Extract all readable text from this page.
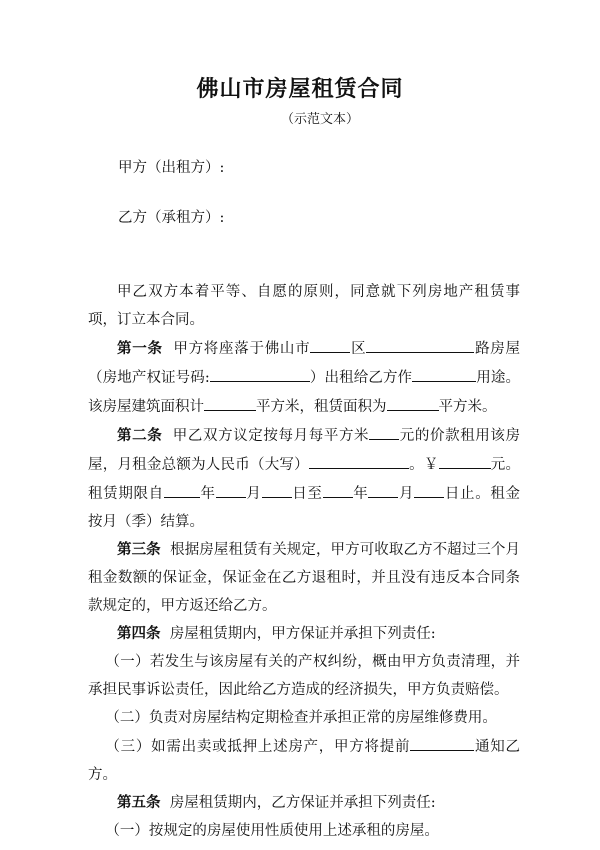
佛山市房屋租赁合同
（示范文本）
甲方（出租方）:
乙方（承租方）:

甲乙双方本着平等、自愿的原则，同意就下列房地产租赁事项，订立本合同。

第一条 甲方将座落于佛山市	区	路房屋（房地产权证号码:	）出租给乙方作	用途。该房屋建筑面积计	平方米，租赁面积为	平方米。

第二条 甲乙双方议定按每月每平方米 元的价款租用该房屋，月租金总额为人民币（大写）	。￥	元。租赁期限自 年 月 日至 年 月 日止。租金按月（季）结算。

第三条 根据房屋租赁有关规定，甲方可收取乙方不超过三个月租金数额的保证金，保证金在乙方退租时，并且没有违反本合同条款规定的，甲方返还给乙方。

第四条 房屋租赁期内，甲方保证并承担下列责任:

（一）若发生与该房屋有关的产权纠纷，概由甲方负责清理，并承担民事诉讼责任，因此给乙方造成的经济损失，甲方负责赔偿。

（二）负责对房屋结构定期检查并承担正常的房屋维修费用。

（三）如需出卖或抵押上述房产，甲方将提前	通知乙方。

第五条 房屋租赁期内，乙方保证并承担下列责任:

（一）按规定的房屋使用性质使用上述承租的房屋。
